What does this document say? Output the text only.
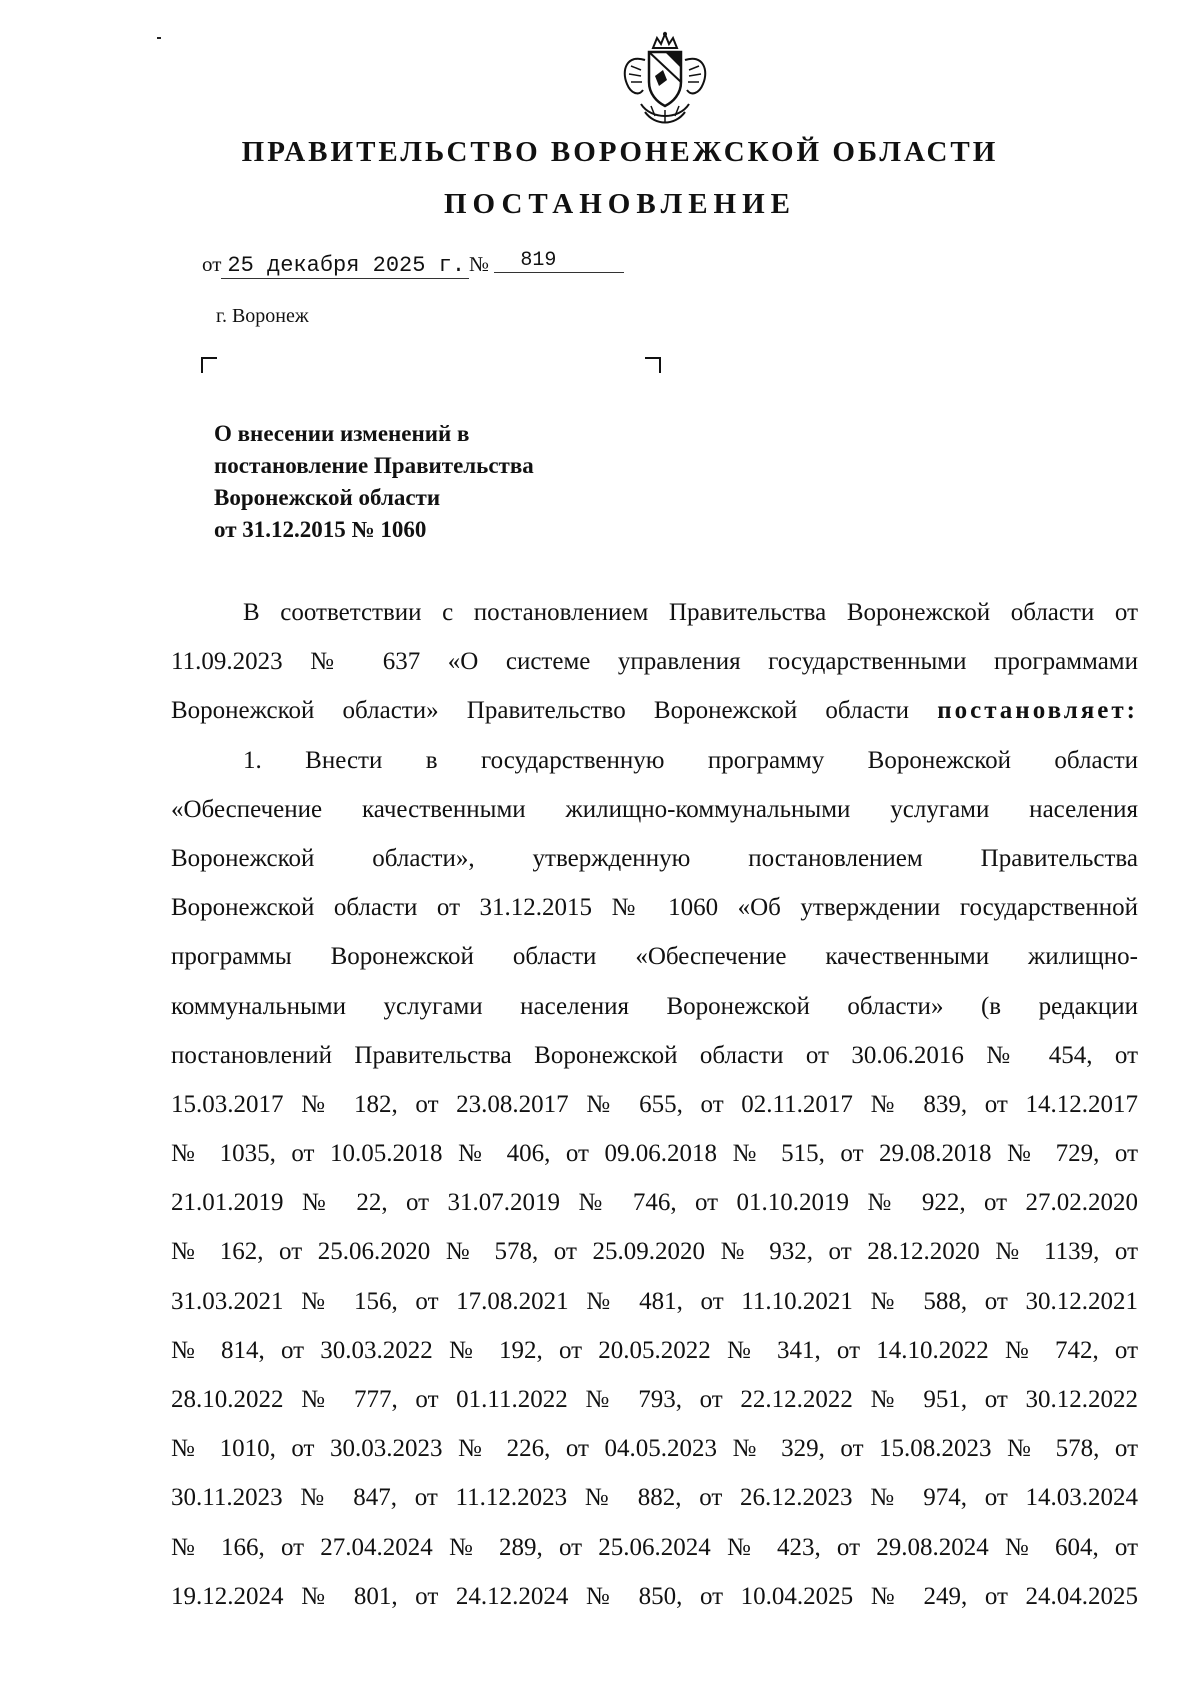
ПРАВИТЕЛЬСТВО ВОРОНЕЖСКОЙ ОБЛАСТИ
ПОСТАНОВЛЕНИЕ
от 25 декабря 2025 г. № 819
г. Воронеж
О внесении изменений в
постановление Правительства
Воронежской области
от 31.12.2015 № 1060
В соответствии с постановлением Правительства Воронежской области от
11.09.2023 № 637 «О системе управления государственными программами
Воронежской области» Правительство Воронежской области постановляет:
1. Внести в государственную программу Воронежской области
«Обеспечение качественными жилищно-коммунальными услугами населения
Воронежской области», утвержденную постановлением Правительства
Воронежской области от 31.12.2015 № 1060 «Об утверждении государственной
программы Воронежской области «Обеспечение качественными жилищно-
коммунальными услугами населения Воронежской области» (в редакции
постановлений Правительства Воронежской области от 30.06.2016 № 454, от
15.03.2017 № 182, от 23.08.2017 № 655, от 02.11.2017 № 839, от 14.12.2017
№ 1035, от 10.05.2018 № 406, от 09.06.2018 № 515, от 29.08.2018 № 729, от
21.01.2019 № 22, от 31.07.2019 № 746, от 01.10.2019 № 922, от 27.02.2020
№ 162, от 25.06.2020 № 578, от 25.09.2020 № 932, от 28.12.2020 № 1139, от
31.03.2021 № 156, от 17.08.2021 № 481, от 11.10.2021 № 588, от 30.12.2021
№ 814, от 30.03.2022 № 192, от 20.05.2022 № 341, от 14.10.2022 № 742, от
28.10.2022 № 777, от 01.11.2022 № 793, от 22.12.2022 № 951, от 30.12.2022
№ 1010, от 30.03.2023 № 226, от 04.05.2023 № 329, от 15.08.2023 № 578, от
30.11.2023 № 847, от 11.12.2023 № 882, от 26.12.2023 № 974, от 14.03.2024
№ 166, от 27.04.2024 № 289, от 25.06.2024 № 423, от 29.08.2024 № 604, от
19.12.2024 № 801, от 24.12.2024 № 850, от 10.04.2025 № 249, от 24.04.2025
